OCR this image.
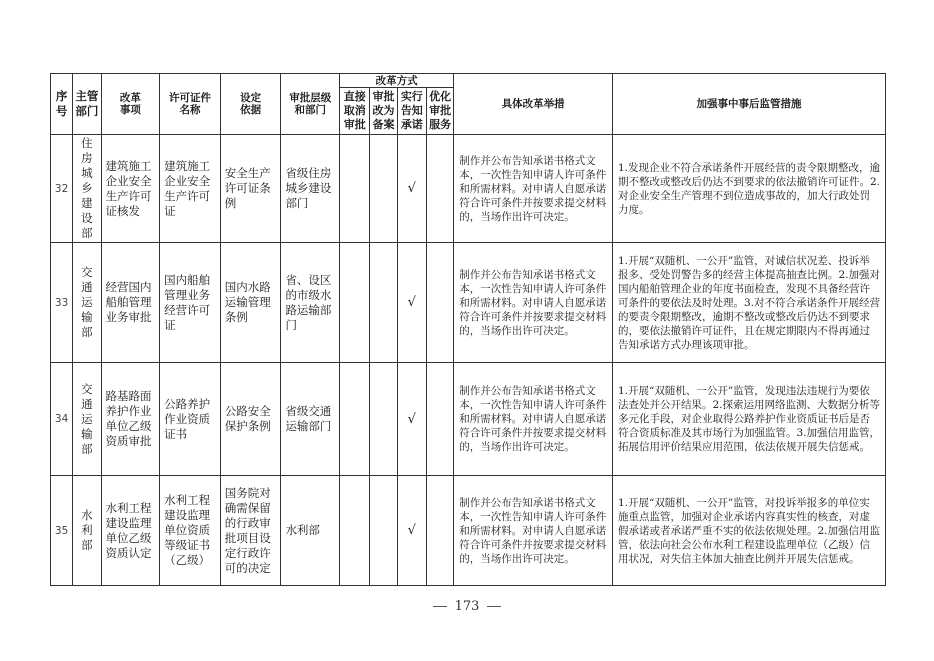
序号	主管部门	改革事项	许可证件名称	设定依据	审批层级和部门	改革方式				具体改革举措	加强事中事后监管措施
						直接取消审批	审批改为备案	实行告知承诺	优化审批服务		
32	住房城乡建设部	建筑施工企业安全生产许可证核发	建筑施工企业安全生产许可证	安全生产许可证条例	省级住房城乡建设部门			√		制作并公布告知承诺书格式文本，一次性告知申请人许可条件和所需材料。对申请人自愿承诺符合许可条件并按要求提交材料的，当场作出许可决定。	1.发现企业不符合承诺条件开展经营的责令限期整改，逾期不整改或整改后仍达不到要求的依法撤销许可证件。2.对企业安全生产管理不到位造成事故的，加大行政处罚力度。
33	交通运输部	经营国内船舶管理业务审批	国内船舶管理业务经营许可证	国内水路运输管理条例	省、设区的市级水路运输部门			√		制作并公布告知承诺书格式文本，一次性告知申请人许可条件和所需材料。对申请人自愿承诺符合许可条件并按要求提交材料的，当场作出许可决定。	1.开展“双随机、一公开”监管，对诚信状况差、投诉举报多、受处罚警告多的经营主体提高抽查比例。2.加强对国内船舶管理企业的年度书面检查，发现不具备经营许可条件的要依法及时处理。3.对不符合承诺条件开展经营的要责令限期整改，逾期不整改或整改后仍达不到要求的，要依法撤销许可证件，且在规定期限内不得再通过告知承诺方式办理该项审批。
34	交通运输部	路基路面养护作业单位乙级资质审批	公路养护作业资质证书	公路安全保护条例	省级交通运输部门			√		制作并公布告知承诺书格式文本，一次性告知申请人许可条件和所需材料。对申请人自愿承诺符合许可条件并按要求提交材料的，当场作出许可决定。	1.开展“双随机、一公开”监管，发现违法违规行为要依法查处并公开结果。2.探索运用网络监测、大数据分析等多元化手段，对企业取得公路养护作业资质证书后是否符合资质标准及其市场行为加强监管。3.加强信用监管，拓展信用评价结果应用范围，依法依规开展失信惩戒。
35	水利部	水利工程建设监理单位乙级资质认定	水利工程建设监理单位资质等级证书（乙级）	国务院对确需保留的行政审批项目设定行政许可的决定	水利部			√		制作并公布告知承诺书格式文本，一次性告知申请人许可条件和所需材料。对申请人自愿承诺符合许可条件并按要求提交材料的，当场作出许可决定。	1.开展“双随机、一公开”监管，对投诉举报多的单位实施重点监管，加强对企业承诺内容真实性的核查，对虚假承诺或者承诺严重不实的依法依规处理。2.加强信用监管，依法向社会公布水利工程建设监理单位（乙级）信用状况，对失信主体加大抽查比例并开展失信惩戒。
173
